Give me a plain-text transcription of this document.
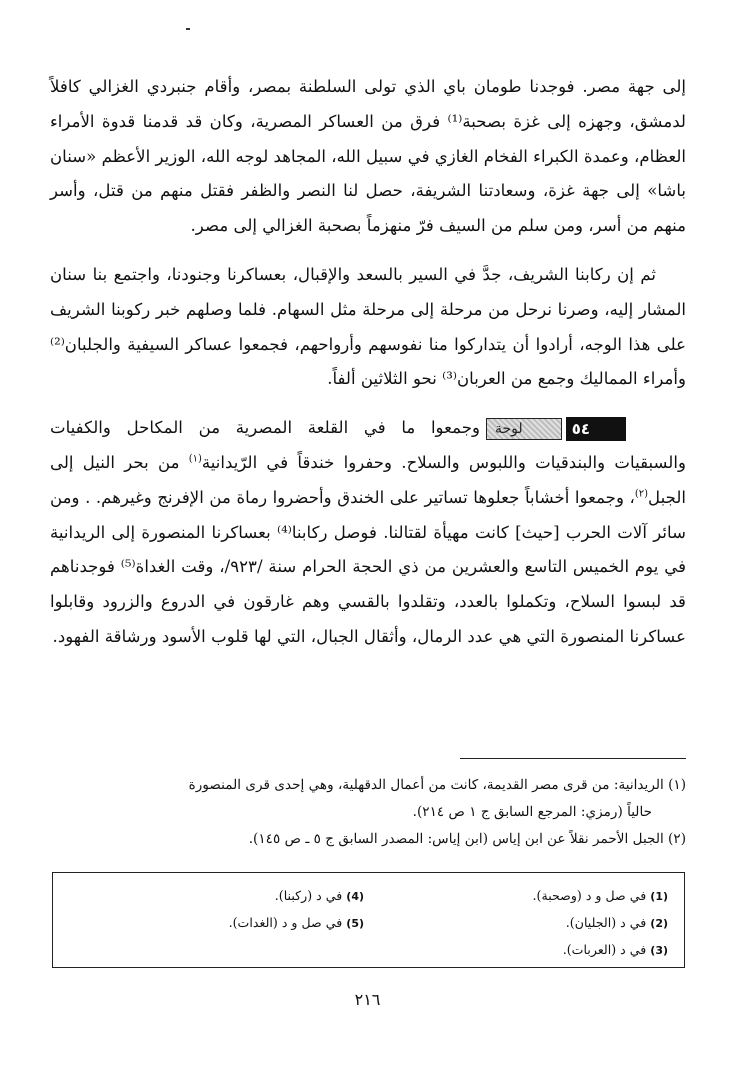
إلى جهة مصر. فوجدنا طومان باي الذي تولى السلطنة بمصر، وأقام جنبردي الغزالي كافلاً لدمشق، وجهزه إلى غزة بصحبة⁽¹⁾ فرق من العساكر المصرية، وكان قد قدمنا قدوة الأمراء العظام، وعمدة الكبراء الفخام الغازي في سبيل الله، المجاهد لوجه الله، الوزير الأعظم «سنان باشا» إلى جهة غزة، وسعادتنا الشريفة، حصل لنا النصر والظفر فقتل منهم من قتل، وأسر منهم من أسر، ومن سلم من السيف فرّ منهزماً بصحبة الغزالي إلى مصر.

ثم إن ركابنا الشريف، جدَّ في السير بالسعد والإقبال، بعساكرنا وجنودنا، واجتمع بنا سنان المشار إليه، وصرنا نرحل من مرحلة إلى مرحلة مثل السهام. فلما وصلهم خبر ركوبنا الشريف على هذا الوجه، أرادوا أن يتداركوا منا نفوسهم وأرواحهم، فجمعوا عساكر السيفية والجلبان⁽²⁾ وأمراء المماليك وجمع من العربان⁽³⁾ نحو الثلاثين ألفاً.

٥٤لوحةوجمعوا ما في القلعة المصرية من المكاحل والكفيات والسبقيات والبندقيات واللبوس والسلاح. وحفروا خندقاً في الرّيدانية$^{(١)}$ من بحر النيل إلى الجبل$^{(٢)}$، وجمعوا أخشاباً جعلوها تساتير على الخندق وأحضروا رماة من الإفرنج وغيرهم. . ومن سائر آلات الحرب [حيث] كانت مهيأة لقتالنا. فوصل ركابنا⁽⁴⁾ بعساكرنا المنصورة إلى الريدانية في يوم الخميس التاسع والعشرين من ذي الحجة الحرام سنة /٩٢٣/، وقت الغداة⁽⁵⁾ فوجدناهم قد لبسوا السلاح، وتكملوا بالعدد، وتقلدوا بالقسي وهم غارقون في الدروع والزرود وقابلوا عساكرنا المنصورة التي هي عدد الرمال، وأثقال الجبال، التي لها قلوب الأسود ورشاقة الفهود.

(١) الريدانية: من قرى مصر القديمة، كانت من أعمال الدقهلية، وهي إحدى قرى المنصورة

حالياً (رمزي: المرجع السابق ج ١ ص ٢١٤).

(٢) الجبل الأحمر نقلاً عن ابن إياس (ابن إياس: المصدر السابق ج ٥ ـ ص ١٤٥).

(1) في صل و د (وصحبة).

(2) في د (الجليان).

(3) في د (العربات).

(4) في د (ركبنا).

(5) في صل و د (الغدات).

٢١٦
